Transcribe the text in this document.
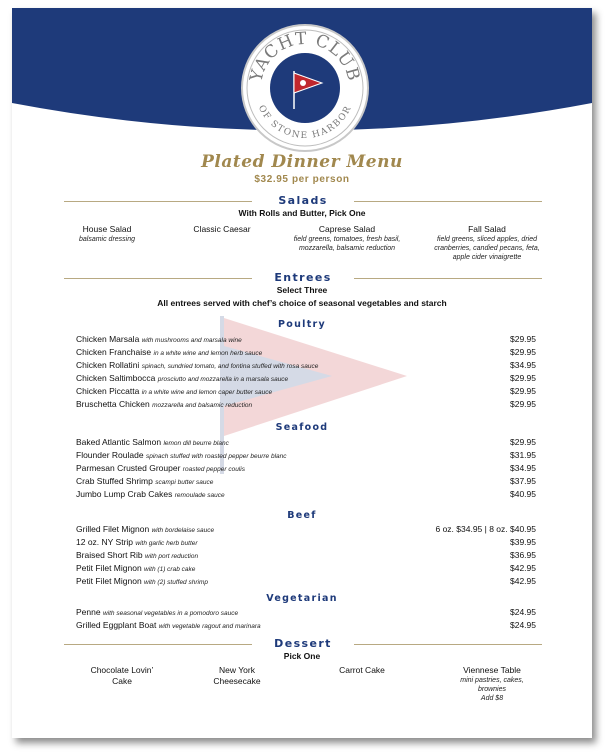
YACHT CLUB
OF STONE HARBOR
Plated Dinner Menu
$32.95 per person
Salads
With Rolls and Butter, Pick One
House Salad
balsamic dressing
Classic Caesar	Caprese Salad
field greens, tomatoes, fresh basil,
mozzarella, balsamic reduction
Fall Salad
field greens, sliced apples, dried
cranberries, candied pecans, feta,
apple cider vinaigrette
Entrees
Select Three
All entrees served with chef’s choice of seasonal vegetables and starch
Poultry
Chicken Marsala with mushrooms and marsala wine	$29.95
Chicken Franchaise in a white wine and lemon herb sauce	$29.95
Chicken Rollatini spinach, sundried tomato, and fontina stuffed with rosa sauce	$34.95
Chicken Saltimbocca prosciutto and mozzarella in a marsala sauce	$29.95
Chicken Piccatta in a white wine and lemon caper butter sauce	$29.95
Bruschetta Chicken mozzarella and balsamic reduction	$29.95
Seafood
Baked Atlantic Salmon lemon dill beurre blanc	$29.95
Flounder Roulade spinach stuffed with roasted pepper beurre blanc	$31.95
Parmesan Crusted Grouper roasted pepper coulis	$34.95
Crab Stuffed Shrimp scampi butter sauce	$37.95
Jumbo Lump Crab Cakes remoulade sauce	$40.95
Beef
Grilled Filet Mignon with bordelaise sauce	6 oz. $34.95 | 8 oz. $40.95
12 oz. NY Strip with garlic herb butter	$39.95
Braised Short Rib with port reduction	$36.95
Petit Filet Mignon with (1) crab cake	$42.95
Petit Filet Mignon with (2) stuffed shrimp	$42.95
Vegetarian
Penne with seasonal vegetables in a pomodoro sauce	$24.95
Grilled Eggplant Boat with vegetable ragout and marinara	$24.95
Dessert
Pick One
Chocolate Lovin’
Cake
New York
Cheesecake
Carrot Cake	Viennese Table
mini pastries, cakes,
brownies
Add $8
